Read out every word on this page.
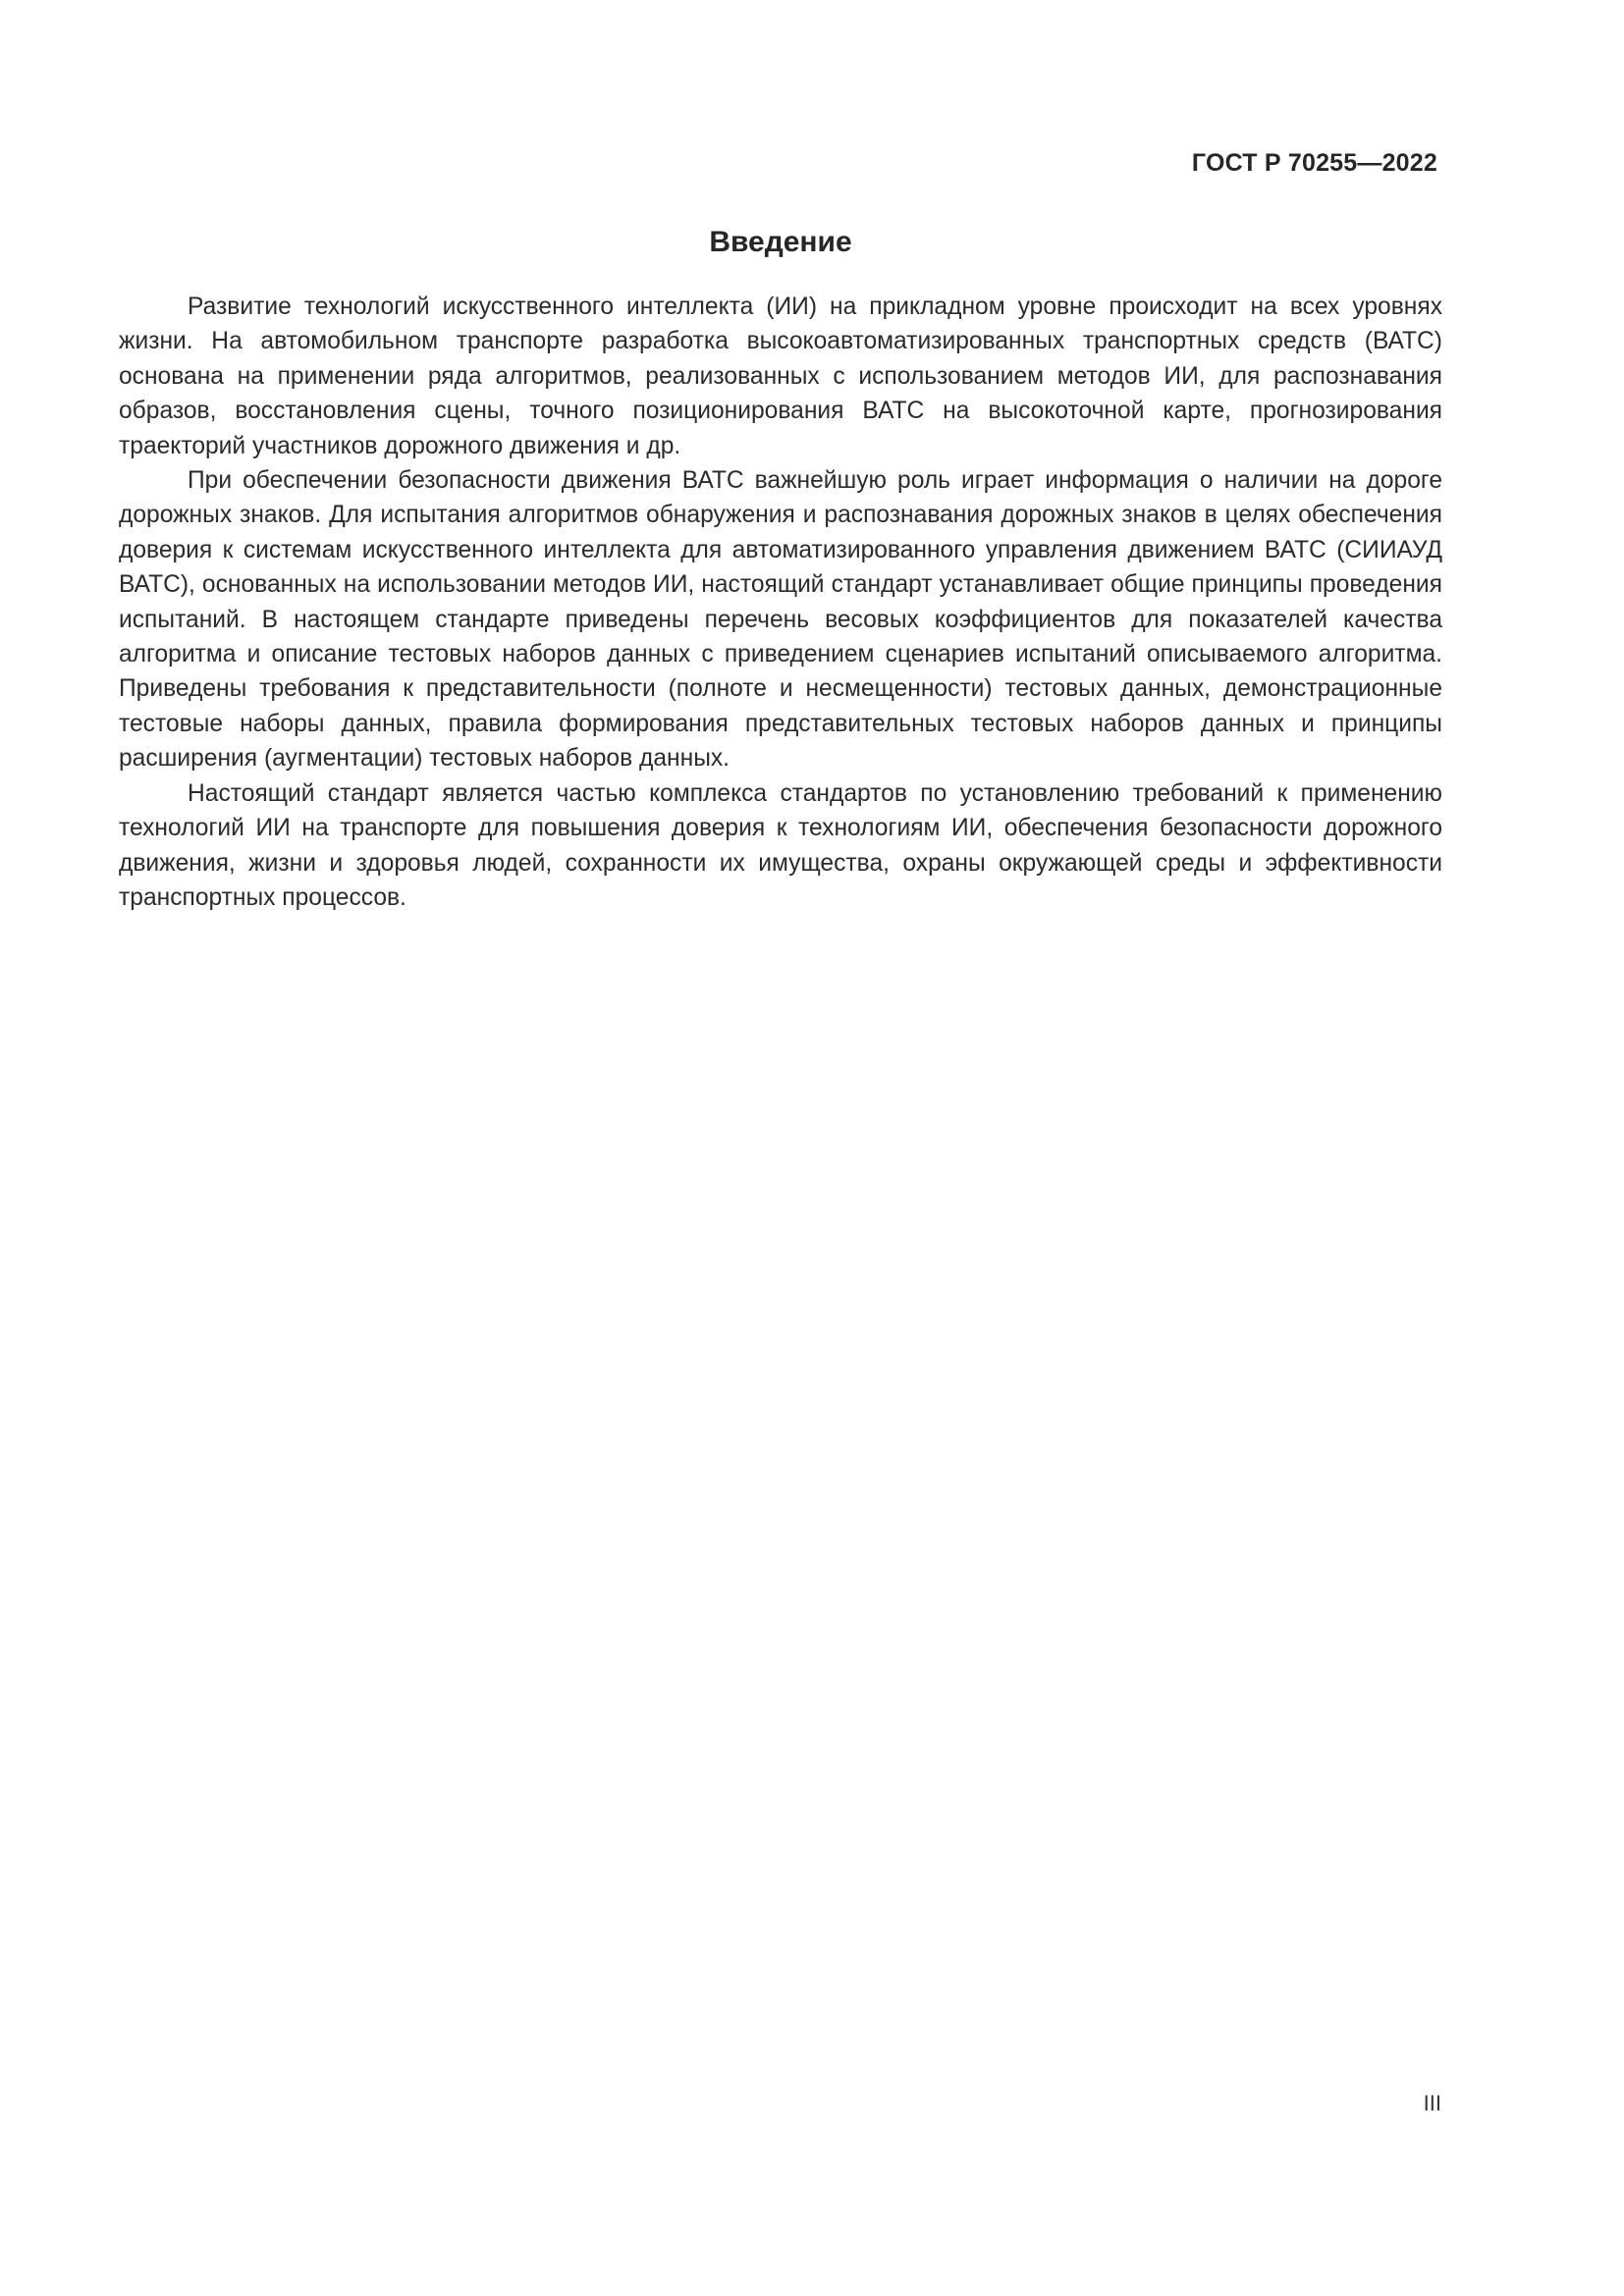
ГОСТ Р 70255—2022
Введение

Развитие технологий искусственного интеллекта (ИИ) на прикладном уровне происходит на всех уровнях жизни. На автомобильном транспорте разработка высокоавтоматизированных транспортных средств (ВАТС) основана на применении ряда алгоритмов, реализованных с использованием методов ИИ, для распознавания образов, восстановления сцены, точного позиционирования ВАТС на высокоточной карте, прогнозирования траекторий участников дорожного движения и др.

При обеспечении безопасности движения ВАТС важнейшую роль играет информация о наличии на дороге дорожных знаков. Для испытания алгоритмов обнаружения и распознавания дорожных знаков в целях обеспечения доверия к системам искусственного интеллекта для автоматизированного управления движением ВАТС (СИИАУД ВАТС), основанных на использовании методов ИИ, настоящий стандарт устанавливает общие принципы проведения испытаний. В настоящем стандарте приведены перечень весовых коэффициентов для показателей качества алгоритма и описание тестовых наборов данных с приведением сценариев испытаний описываемого алгоритма. Приведены требования к представительности (полноте и несмещенности) тестовых данных, демонстрационные тестовые наборы данных, правила формирования представительных тестовых наборов данных и принципы расширения (аугментации) тестовых наборов данных.

Настоящий стандарт является частью комплекса стандартов по установлению требований к применению технологий ИИ на транспорте для повышения доверия к технологиям ИИ, обеспечения безопасности дорожного движения, жизни и здоровья людей, сохранности их имущества, охраны окружающей среды и эффективности транспортных процессов.

III
